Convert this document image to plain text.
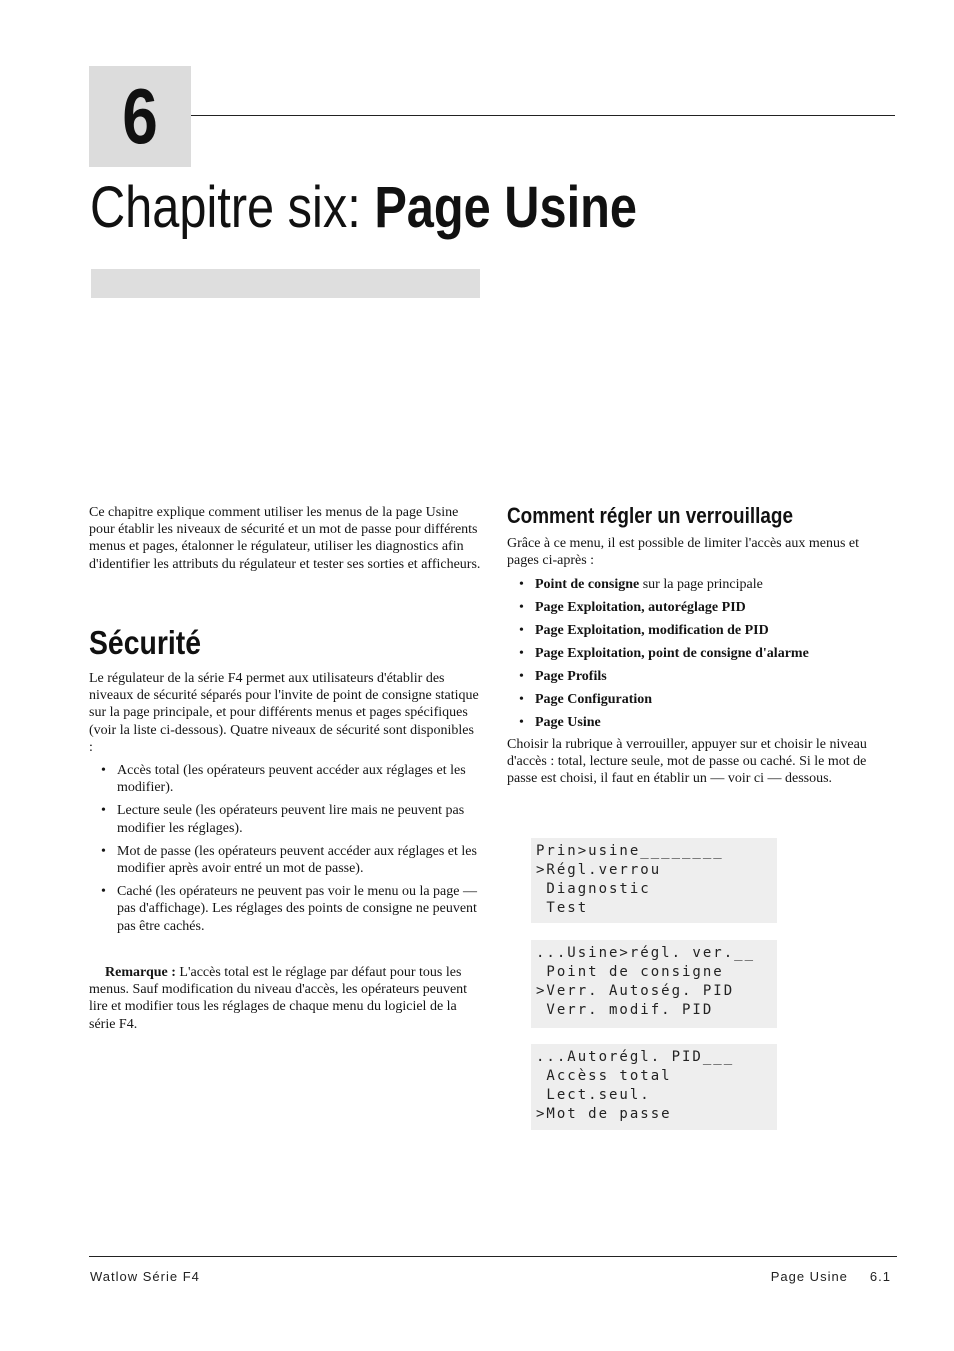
6
Chapitre six: Page Usine

Ce chapitre explique comment utiliser les menus de la page Usine pour établir les niveaux de sécurité et un mot de passe pour différents menus et pages, étalonner le régulateur, utiliser les diagnostics afin d'identifier les attributs du régulateur et tester ses sorties et afficheurs.

Sécurité

Le régulateur de la série F4 permet aux utilisateurs d'établir des niveaux de sécurité séparés pour l'invite de point de consigne statique sur la page principale, et pour différents menus et pages spécifiques (voir la liste ci-dessous). Quatre niveaux de sécurité sont disponibles :

• Accès total (les opérateurs peuvent accéder aux réglages et les modifier).
• Lecture seule (les opérateurs peuvent lire mais ne peuvent pas modifier les réglages).
• Mot de passe (les opérateurs peuvent accéder aux réglages et les modifier après avoir entré un mot de passe).
• Caché (les opérateurs ne peuvent pas voir le menu ou la page — pas d'affichage). Les réglages des points de consigne ne peuvent pas être cachés.

Remarque : L'accès total est le réglage par défaut pour tous les menus. Sauf modification du niveau d'accès, les opérateurs peuvent lire et modifier tous les réglages de chaque menu du logiciel de la série F4.

Comment régler un verrouillage

Grâce à ce menu, il est possible de limiter l'accès aux menus et pages ci-après :

• Point de consigne sur la page principale
• Page Exploitation, autoréglage PID
• Page Exploitation, modification de PID
• Page Exploitation, point de consigne d'alarme
• Page Profils
• Page Configuration
• Page Usine

Choisir la rubrique à verrouiller, appuyer sur et choisir le niveau d'accès : total, lecture seule, mot de passe ou caché. Si le mot de passe est choisi, il faut en établir un — voir ci — dessous.

Prin>usine________
>Régl.verrou
Diagnostic
Test
...Usine>régl. ver.__
Point de consigne
>Verr. Autoség. PID
Verr. modif. PID
...Autorégl. PID___
Accèss total
Lect.seul.
>Mot de passe
Watlow Série F4	Page Usine 6.1
